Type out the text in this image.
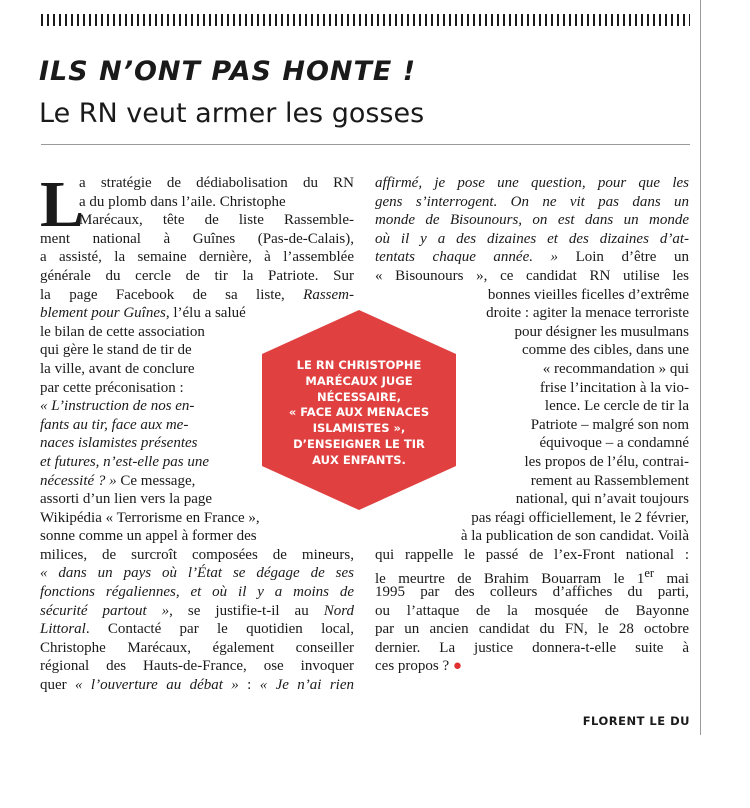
ILS N’ONT PAS HONTE !
Le RN veut armer les gosses
L
a stratégie de dédiabolisation du RN
a du plomb dans l’aile. Christophe
Marécaux, tête de liste Rassemble-
ment national à Guînes (Pas-de-Calais),
a assisté, la semaine dernière, à l’assemblée
générale du cercle de tir la Patriote. Sur
la page Facebook de sa liste, Rassem-
blement pour Guînes, l’élu a salué
le bilan de cette association
qui gère le stand de tir de
la ville, avant de conclure
par cette préconisation :
« L’instruction de nos en-
fants au tir, face aux me-
naces islamistes présentes
et futures, n’est-elle pas une
nécessité ? » Ce message,
assorti d’un lien vers la page
Wikipédia « Terrorisme en France »,
sonne comme un appel à former des
milices, de surcroît composées de mineurs,
« dans un pays où l’État se dégage de ses
fonctions régaliennes, et où il y a moins de
sécurité partout », se justifie-t-il au Nord
Littoral. Contacté par le quotidien local,
Christophe Marécaux, également conseiller
régional des Hauts-de-France, ose invoquer
quer « l’ouverture au débat » : « Je n’ai rien
affirmé, je pose une question, pour que les
gens s’interrogent. On ne vit pas dans un
monde de Bisounours, on est dans un monde
où il y a des dizaines et des dizaines d’at-
tentats chaque année. » Loin d’être un
« Bisounours », ce candidat RN utilise les
bonnes vieilles ficelles d’extrême
droite : agiter la menace terroriste
pour désigner les musulmans
comme des cibles, dans une
« recommandation » qui
frise l’incitation à la vio-
lence. Le cercle de tir la
Patriote – malgré son nom
équivoque – a condamné
les propos de l’élu, contrai-
rement au Rassemblement
national, qui n’avait toujours
pas réagi officiellement, le 2 février,
à la publication de son candidat. Voilà
qui rappelle le passé de l’ex-Front national :
le meurtre de Brahim Bouarram le 1er mai
1995 par des colleurs d’affiches du parti,
ou l’attaque de la mosquée de Bayonne
par un ancien candidat du FN, le 28 octobre
dernier. La justice donnera-t-elle suite à
ces propos ? ●
LE RN CHRISTOPHE
MARÉCAUX JUGE
NÉCESSAIRE,
« FACE AUX MENACES
ISLAMISTES »,
D’ENSEIGNER LE TIR
AUX ENFANTS.
FLORENT LE DU
